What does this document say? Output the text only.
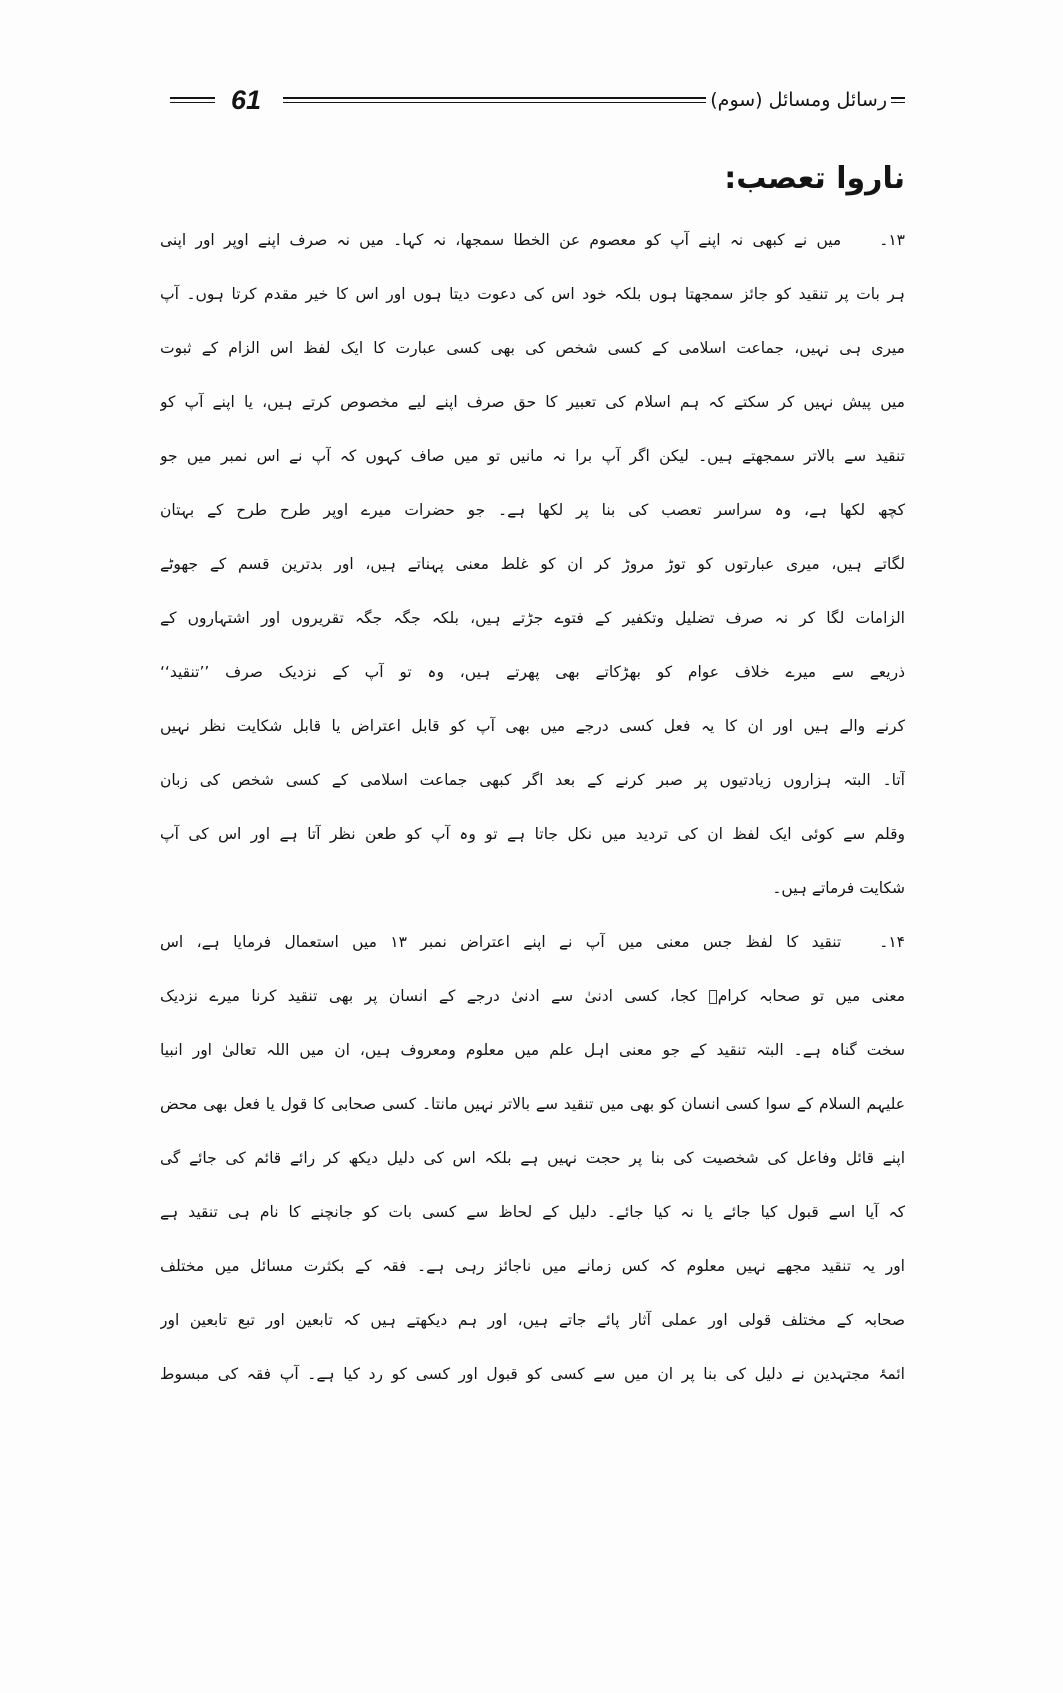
61	رسائل ومسائل (سوم)
ناروا تعصب:
۱۳۔میں نے کبھی نہ اپنے آپ کو معصوم عن الخطا سمجھا، نہ کہا۔ میں نہ صرف اپنے اوپر اور اپنی
ہر بات پر تنقید کو جائز سمجھتا ہوں بلکہ خود اس کی دعوت دیتا ہوں اور اس کا خیر مقدم کرتا ہوں۔ آپ
میری ہی نہیں، جماعت اسلامی کے کسی شخص کی بھی کسی عبارت کا ایک لفظ اس الزام کے ثبوت
میں پیش نہیں کر سکتے کہ ہم اسلام کی تعبیر کا حق صرف اپنے لیے مخصوص کرتے ہیں، یا اپنے آپ کو
تنقید سے بالاتر سمجھتے ہیں۔ لیکن اگر آپ برا نہ مانیں تو میں صاف کہوں کہ آپ نے اس نمبر میں جو
کچھ لکھا ہے، وہ سراسر تعصب کی بنا پر لکھا ہے۔ جو حضرات میرے اوپر طرح طرح کے بہتان
لگاتے ہیں، میری عبارتوں کو توڑ مروڑ کر ان کو غلط معنی پہناتے ہیں، اور بدترین قسم کے جھوٹے
الزامات لگا کر نہ صرف تضلیل وتکفیر کے فتوے جڑتے ہیں، بلکہ جگہ جگہ تقریروں اور اشتہاروں کے
ذریعے سے میرے خلاف عوام کو بھڑکاتے بھی پھرتے ہیں، وہ تو آپ کے نزدیک صرف ’’تنقید‘‘
کرنے والے ہیں اور ان کا یہ فعل کسی درجے میں بھی آپ کو قابل اعتراض یا قابل شکایت نظر نہیں
آتا۔ البتہ ہزاروں زیادتیوں پر صبر کرنے کے بعد اگر کبھی جماعت اسلامی کے کسی شخص کی زبان
وقلم سے کوئی ایک لفظ ان کی تردید میں نکل جاتا ہے تو وہ آپ کو طعن نظر آتا ہے اور اس کی آپ
شکایت فرماتے ہیں۔
۱۴۔تنقید کا لفظ جس معنی میں آپ نے اپنے اعتراض نمبر ۱۳ میں استعمال فرمایا ہے، اس
معنی میں تو صحابہ کرامؓ کجا، کسی ادنیٰ سے ادنیٰ درجے کے انسان پر بھی تنقید کرنا میرے نزدیک
سخت گناہ ہے۔ البتہ تنقید کے جو معنی اہل علم میں معلوم ومعروف ہیں، ان میں اللہ تعالیٰ اور انبیا
علیہم السلام کے سوا کسی انسان کو بھی میں تنقید سے بالاتر نہیں مانتا۔ کسی صحابی کا قول یا فعل بھی محض
اپنے قائل وفاعل کی شخصیت کی بنا پر حجت نہیں ہے بلکہ اس کی دلیل دیکھ کر رائے قائم کی جائے گی
کہ آیا اسے قبول کیا جائے یا نہ کیا جائے۔ دلیل کے لحاظ سے کسی بات کو جانچنے کا نام ہی تنقید ہے
اور یہ تنقید مجھے نہیں معلوم کہ کس زمانے میں ناجائز رہی ہے۔ فقہ کے بکثرت مسائل میں مختلف
صحابہ کے مختلف قولی اور عملی آثار پائے جاتے ہیں، اور ہم دیکھتے ہیں کہ تابعین اور تبع تابعین اور
ائمۂ مجتہدین نے دلیل کی بنا پر ان میں سے کسی کو قبول اور کسی کو رد کیا ہے۔ آپ فقہ کی مبسوط
